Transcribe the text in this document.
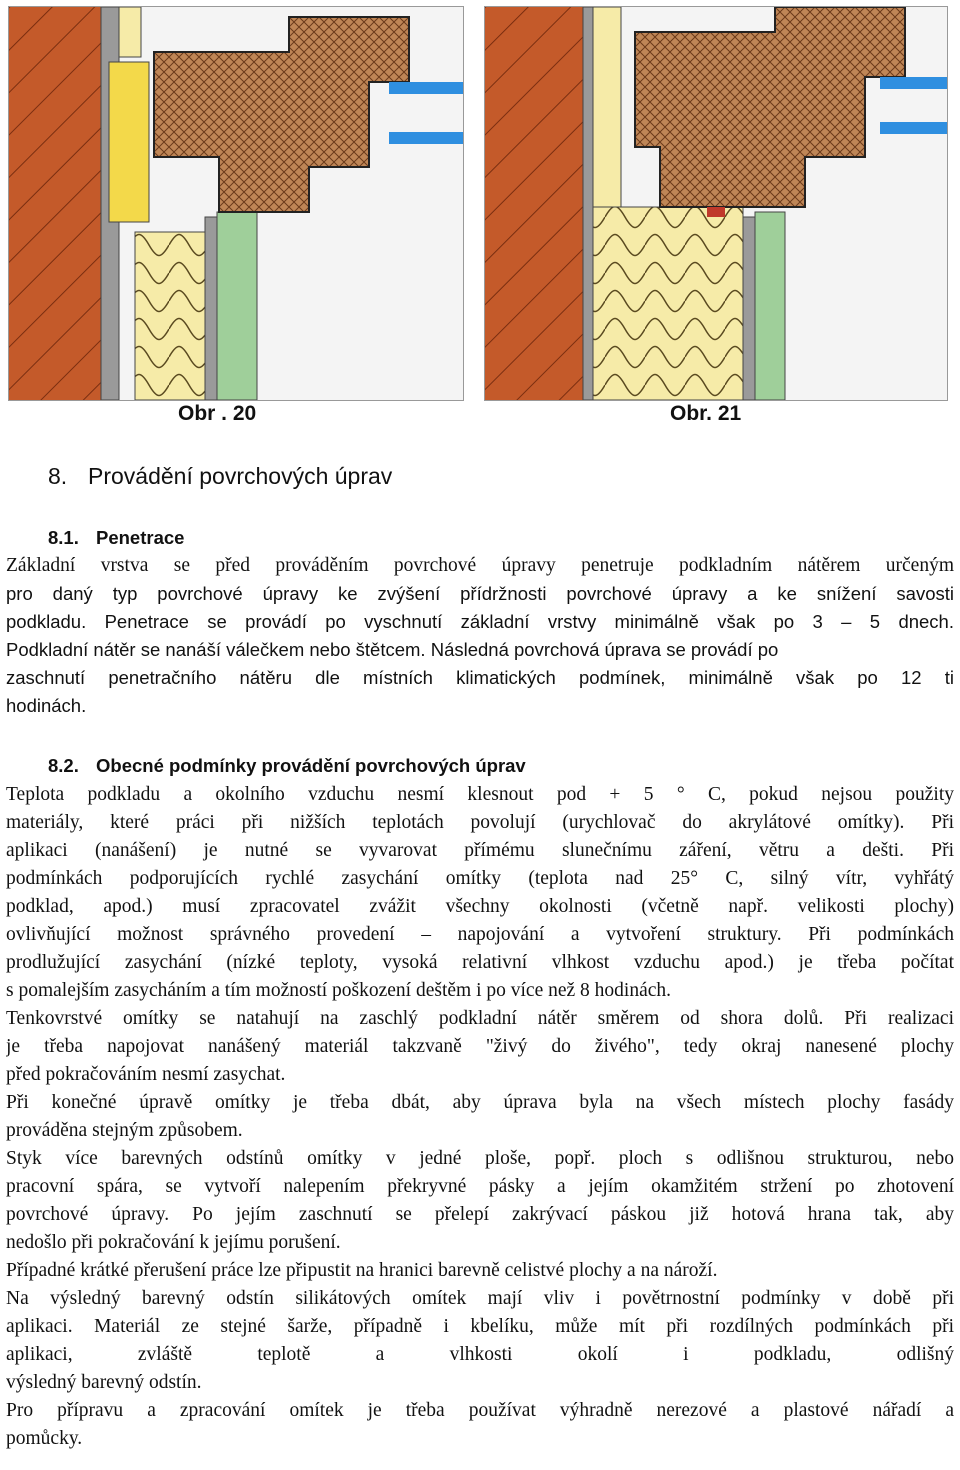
Obr . 20	Obr. 21
8. Provádění povrchových úprav
8.1. Penetrace
Základní vrstva se před prováděním povrchové úpravy penetruje podkladním nátěrem určeným
pro daný typ povrchové úpravy ke zvýšení přídržnosti povrchové úpravy a ke snížení savosti
podkladu. Penetrace se provádí po vyschnutí základní vrstvy minimálně však po 3 – 5 dnech.
Podkladní nátěr se nanáší válečkem nebo štětcem. Následná povrchová úprava se provádí po
zaschnutí penetračního nátěru dle místních klimatických podmínek, minimálně však po 12 ti
hodinách.
8.2. Obecné podmínky provádění povrchových úprav
Teplota podkladu a okolního vzduchu nesmí klesnout pod + 5 ° C, pokud nejsou použity
materiály, které práci při nižších teplotách povolují (urychlovač do akrylátové omítky). Při
aplikaci (nanášení) je nutné se vyvarovat přímému slunečnímu záření, větru a dešti. Při
podmínkách podporujících rychlé zasychání omítky (teplota nad 25° C, silný vítr, vyhřátý
podklad, apod.) musí zpracovatel zvážit všechny okolnosti (včetně např. velikosti plochy)
ovlivňující možnost správného provedení – napojování a vytvoření struktury. Při podmínkách
prodlužující zasychání (nízké teploty, vysoká relativní vlhkost vzduchu apod.) je třeba počítat
s pomalejším zasycháním a tím možností poškození deštěm i po více než 8 hodinách.
Tenkovrstvé omítky se natahují na zaschlý podkladní nátěr směrem od shora dolů. Při realizaci
je třeba napojovat nanášený materiál takzvaně "živý do živého", tedy okraj nanesené plochy
před pokračováním nesmí zasychat.
Při konečné úpravě omítky je třeba dbát, aby úprava byla na všech místech plochy fasády
prováděna stejným způsobem.
Styk více barevných odstínů omítky v jedné ploše, popř. ploch s odlišnou strukturou, nebo
pracovní spára, se vytvoří nalepením překryvné pásky a jejím okamžitém stržení po zhotovení
povrchové úpravy. Po jejím zaschnutí se přelepí zakrývací páskou již hotová hrana tak, aby
nedošlo při pokračování k jejímu porušení.
Případné krátké přerušení práce lze připustit na hranici barevně celistvé plochy a na nároží.
Na výsledný barevný odstín silikátových omítek mají vliv i povětrnostní podmínky v době při
aplikaci. Materiál ze stejné šarže, případně i kbelíku, může mít při rozdílných podmínkách při
aplikaci, zvláště teplotě a vlhkosti okolí i podkladu, odlišný
výsledný barevný odstín.
Pro přípravu a zpracování omítek je třeba používat výhradně nerezové a plastové nářadí a
pomůcky.
